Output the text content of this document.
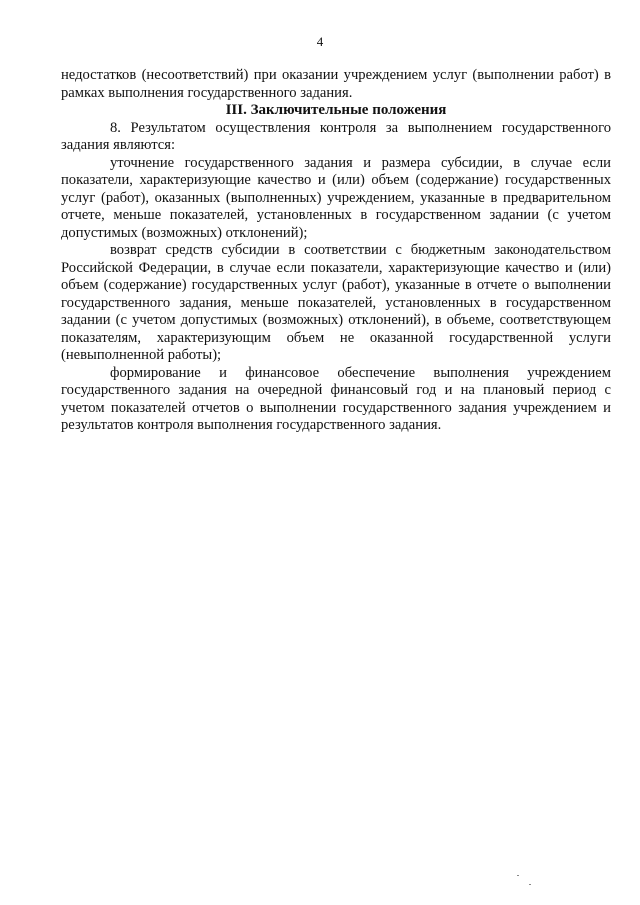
4

недостатков (несоответствий) при оказании учреждением услуг (выполнении работ) в рамках выполнения государственного задания.

III. Заключительные положения

8. Результатом осуществления контроля за выполнением государственного задания являются:

уточнение государственного задания и размера субсидии, в случае если показатели, характеризующие качество и (или) объем (содержание) государственных услуг (работ), оказанных (выполненных) учреждением, указанные в предварительном отчете, меньше показателей, установленных в государственном задании (с учетом допустимых (возможных) отклонений);

возврат средств субсидии в соответствии с бюджетным законодательством Российской Федерации, в случае если показатели, характеризующие качество и (или) объем (содержание) государственных услуг (работ), указанные в отчете о выполнении государственного задания, меньше показателей, установленных в государственном задании (с учетом допустимых (возможных) отклонений), в объеме, соответствующем показателям, характеризующим объем не оказанной государственной услуги (невыполненной работы);

формирование и финансовое обеспечение выполнения учреждением государственного задания на очередной финансовый год и на плановый период с учетом показателей отчетов о выполнении государственного задания учреждением и результатов контроля выполнения государственного задания.
